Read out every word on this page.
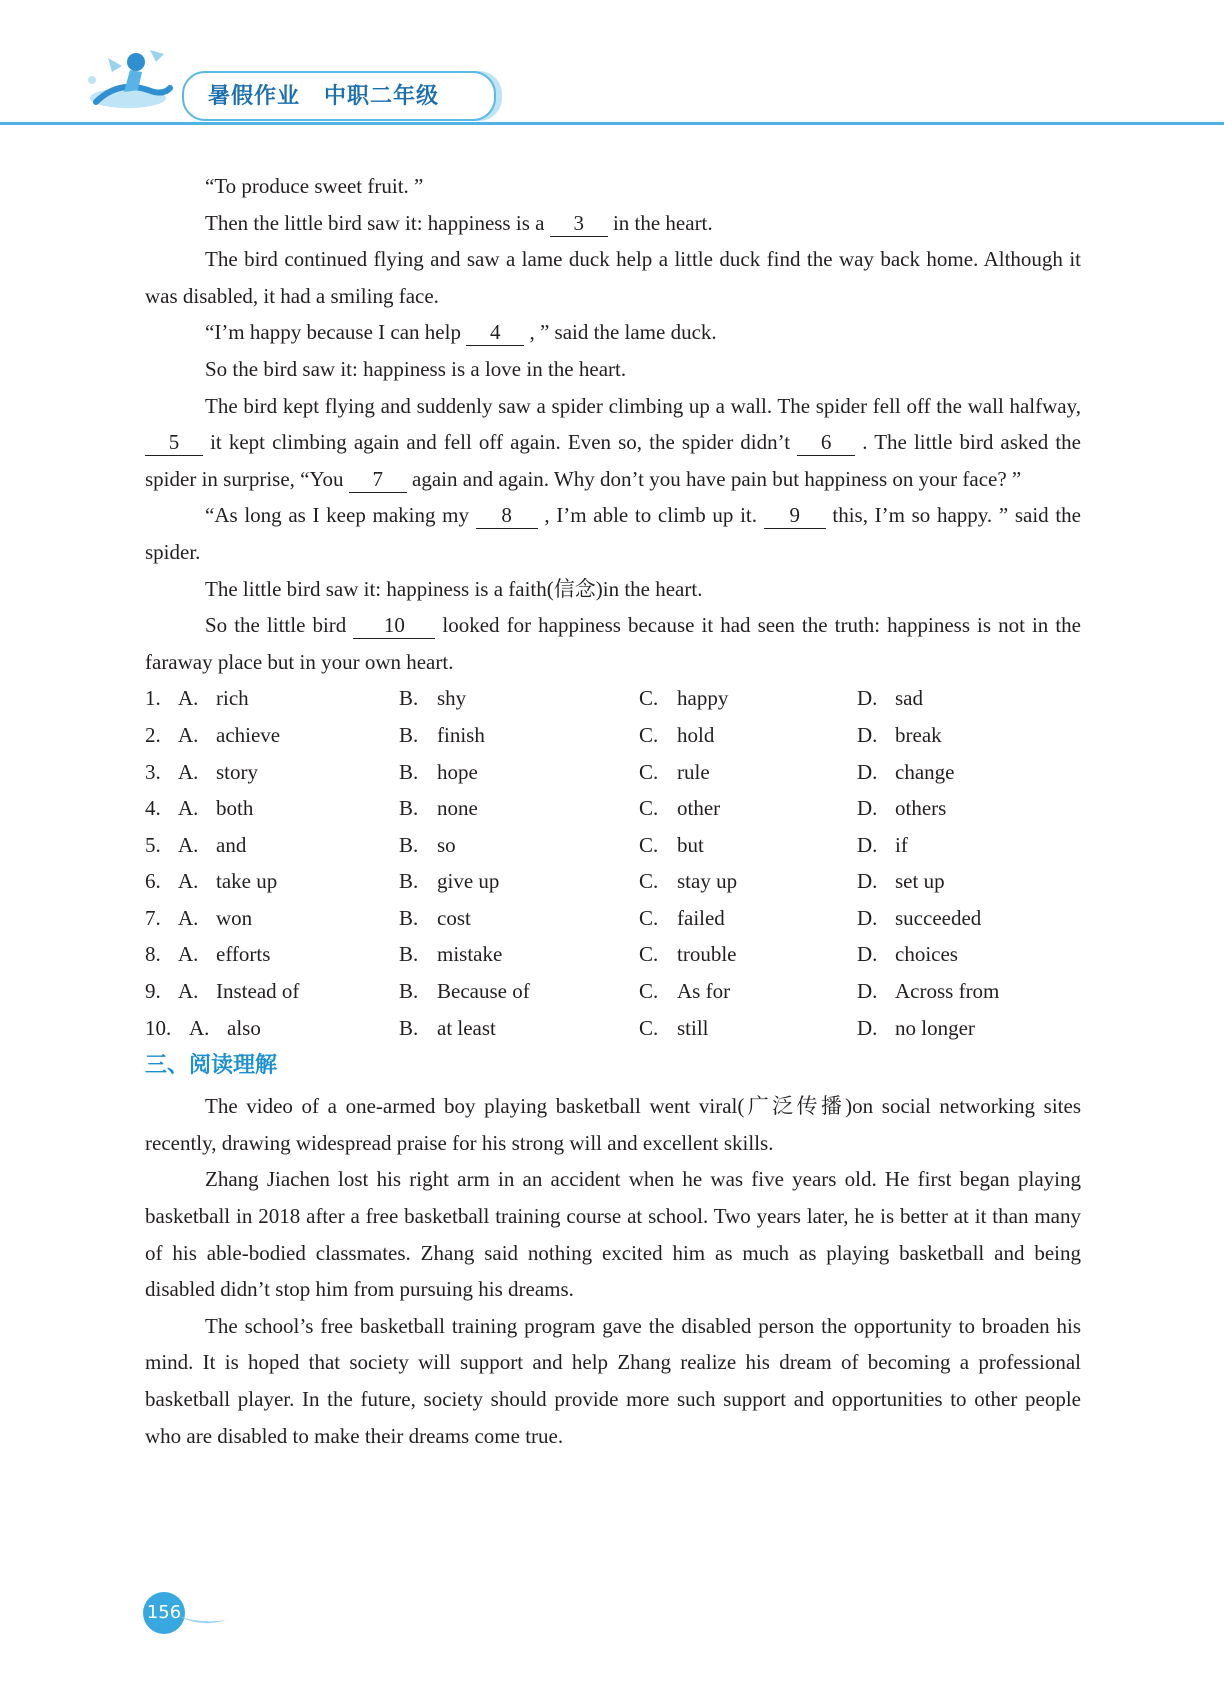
暑假作业 中职二年级

“To produce sweet fruit. ”

Then the little bird saw it: happiness is a 3 in the heart.

The bird continued flying and saw a lame duck help a little duck find the way back home. Although it was disabled, it had a smiling face.

“I’m happy because I can help 4 , ” said the lame duck.

So the bird saw it: happiness is a love in the heart.

The bird kept flying and suddenly saw a spider climbing up a wall. The spider fell off the wall halfway, 5 it kept climbing again and fell off again. Even so, the spider didn’t 6 . The little bird asked the spider in surprise, “You 7 again and again. Why don’t you have pain but happiness on your face? ”

“As long as I keep making my 8 , I’m able to climb up it. 9 this, I’m so happy. ” said the spider.

The little bird saw it: happiness is a faith(信念)in the heart.

So the little bird 10 looked for happiness because it had seen the truth: happiness is not in the faraway place but in your own heart.

1. A. rich	B. shy	C. happy	D. sad
2. A. achieve	B. finish	C. hold	D. break
3. A. story	B. hope	C. rule	D. change
4. A. both	B. none	C. other	D. others
5. A. and	B. so	C. but	D. if
6. A. take up	B. give up	C. stay up	D. set up
7. A. won	B. cost	C. failed	D. succeeded
8. A. efforts	B. mistake	C. trouble	D. choices
9. A. Instead of	B. Because of	C. As for	D. Across from
10. A. also	B. at least	C. still	D. no longer
三、阅读理解

The video of a one-armed boy playing basketball went viral(广泛传播)on social networking sites recently, drawing widespread praise for his strong will and excellent skills.

Zhang Jiachen lost his right arm in an accident when he was five years old. He first began playing basketball in 2018 after a free basketball training course at school. Two years later, he is better at it than many of his able-bodied classmates. Zhang said nothing excited him as much as playing basketball and being disabled didn’t stop him from pursuing his dreams.

The school’s free basketball training program gave the disabled person the opportunity to broaden his mind. It is hoped that society will support and help Zhang realize his dream of becoming a professional basketball player. In the future, society should provide more such support and opportunities to other people who are disabled to make their dreams come true.

156
